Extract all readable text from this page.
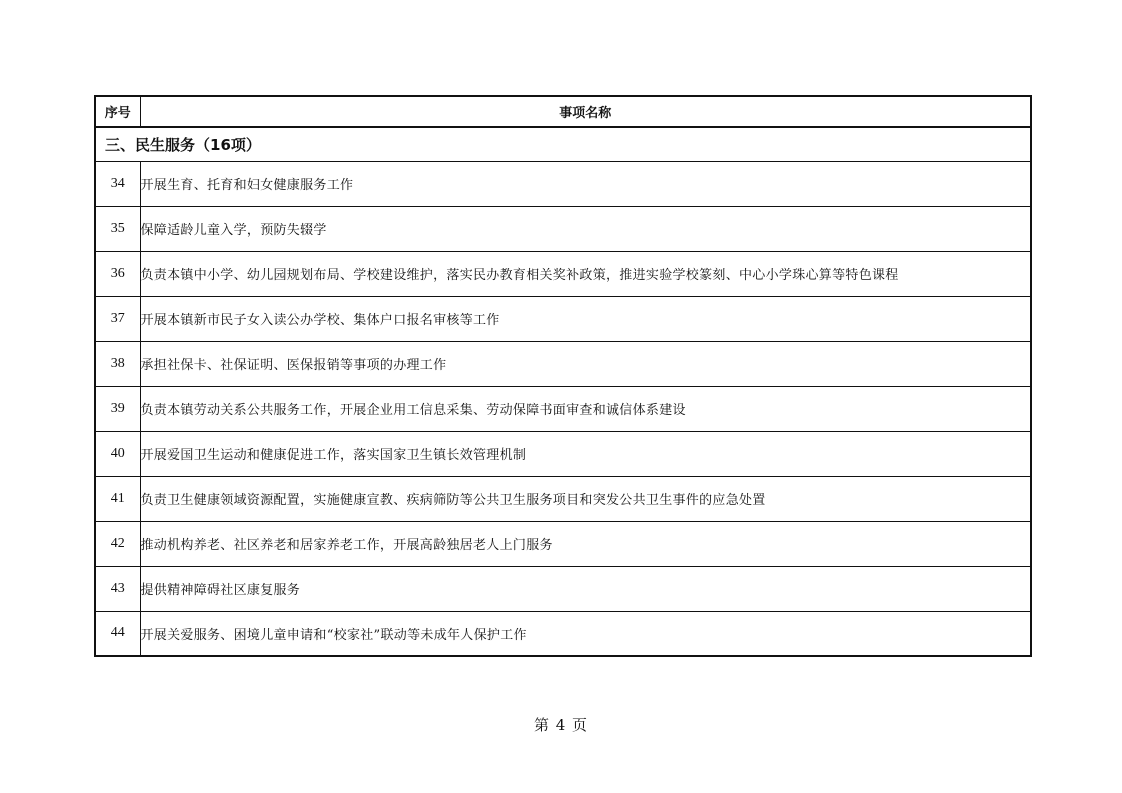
序号	事项名称
三、民生服务（16项）	
34	开展生育、托育和妇女健康服务工作
35	保障适龄儿童入学，预防失辍学
36	负责本镇中小学、幼儿园规划布局、学校建设维护，落实民办教育相关奖补政策，推进实验学校篆刻、中心小学珠心算等特色课程
37	开展本镇新市民子女入读公办学校、集体户口报名审核等工作
38	承担社保卡、社保证明、医保报销等事项的办理工作
39	负责本镇劳动关系公共服务工作，开展企业用工信息采集、劳动保障书面审查和诚信体系建设
40	开展爱国卫生运动和健康促进工作，落实国家卫生镇长效管理机制
41	负责卫生健康领域资源配置，实施健康宣教、疾病筛防等公共卫生服务项目和突发公共卫生事件的应急处置
42	推动机构养老、社区养老和居家养老工作，开展高龄独居老人上门服务
43	提供精神障碍社区康复服务
44	开展关爱服务、困境儿童申请和“校家社”联动等未成年人保护工作
第 4 页
